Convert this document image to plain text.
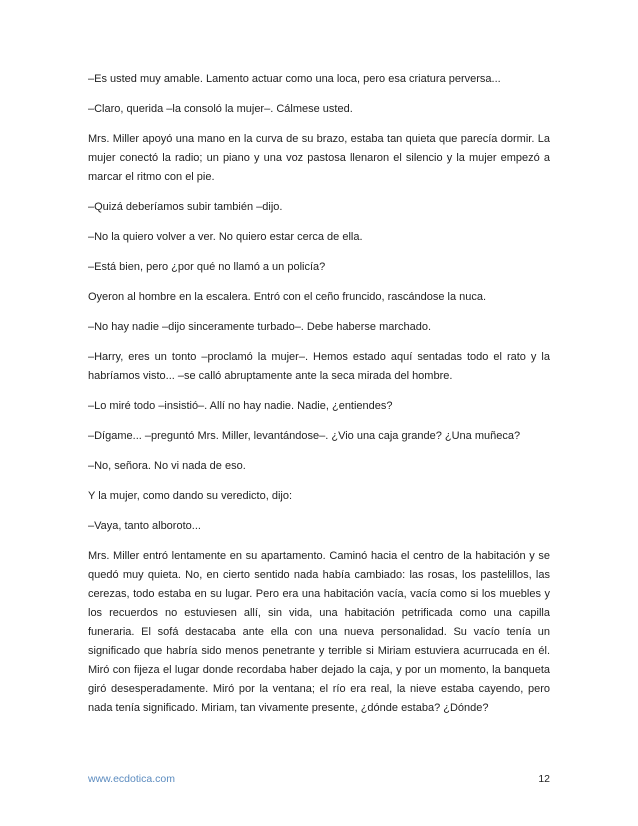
–Es usted muy amable. Lamento actuar como una loca, pero esa criatura perversa...

–Claro, querida –la consoló la mujer–. Cálmese usted.

Mrs. Miller apoyó una mano en la curva de su brazo, estaba tan quieta que parecía dormir. La mujer conectó la radio; un piano y una voz pastosa llenaron el silencio y la mujer empezó a marcar el ritmo con el pie.

–Quizá deberíamos subir también –dijo.

–No la quiero volver a ver. No quiero estar cerca de ella.

–Está bien, pero ¿por qué no llamó a un policía?

Oyeron al hombre en la escalera. Entró con el ceño fruncido, rascándose la nuca.

–No hay nadie –dijo sinceramente turbado–. Debe haberse marchado.

–Harry, eres un tonto –proclamó la mujer–. Hemos estado aquí sentadas todo el rato y la habríamos visto... –se calló abruptamente ante la seca mirada del hombre.

–Lo miré todo –insistió–. Allí no hay nadie. Nadie, ¿entiendes?

–Dígame... –preguntó Mrs. Miller, levantándose–. ¿Vio una caja grande? ¿Una muñeca?

–No, señora. No vi nada de eso.

Y la mujer, como dando su veredicto, dijo:

–Vaya, tanto alboroto...

Mrs. Miller entró lentamente en su apartamento. Caminó hacia el centro de la habitación y se quedó muy quieta. No, en cierto sentido nada había cambiado: las rosas, los pastelillos, las cerezas, todo estaba en su lugar. Pero era una habitación vacía, vacía como si los muebles y los recuerdos no estuviesen allí, sin vida, una habitación petrificada como una capilla funeraria. El sofá destacaba ante ella con una nueva personalidad. Su vacío tenía un significado que habría sido menos penetrante y terrible si Miriam estuviera acurrucada en él. Miró con fijeza el lugar donde recordaba haber dejado la caja, y por un momento, la banqueta giró desesperadamente. Miró por la ventana; el río era real, la nieve estaba cayendo, pero nada tenía significado. Miriam, tan vivamente presente, ¿dónde estaba? ¿Dónde?

www.ecdotica.com	12
